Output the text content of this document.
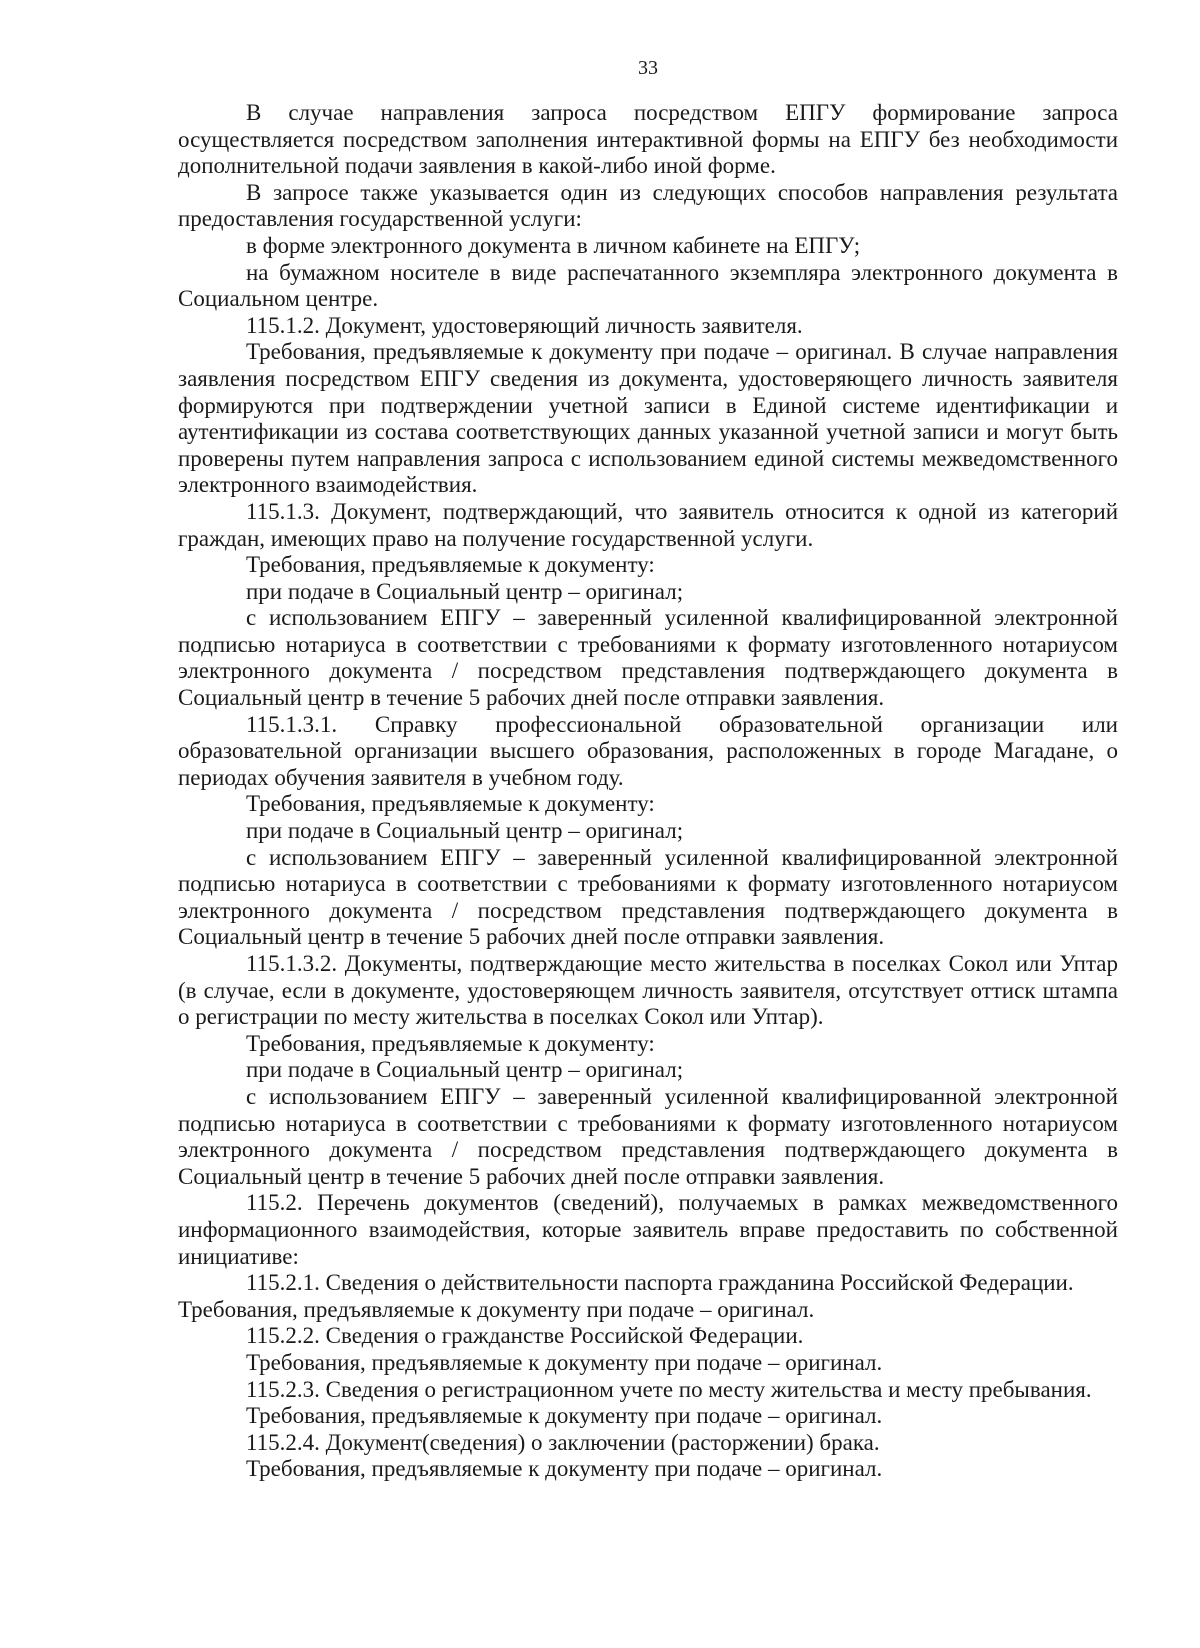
33

В случае направления запроса посредством ЕПГУ формирование запроса осуществляется посредством заполнения интерактивной формы на ЕПГУ без необходимости дополнительной подачи заявления в какой-либо иной форме.

В запросе также указывается один из следующих способов направления результата предоставления государственной услуги:

в форме электронного документа в личном кабинете на ЕПГУ;

на бумажном носителе в виде распечатанного экземпляра электронного документа в Социальном центре.

115.1.2. Документ, удостоверяющий личность заявителя.

Требования, предъявляемые к документу при подаче – оригинал. В случае направления заявления посредством ЕПГУ сведения из документа, удостоверяющего личность заявителя формируются при подтверждении учетной записи в Единой системе идентификации и аутентификации из состава соответствующих данных указанной учетной записи и могут быть проверены путем направления запроса с использованием единой системы межведомственного электронного взаимодействия.

115.1.3. Документ, подтверждающий, что заявитель относится к одной из категорий граждан, имеющих право на получение государственной услуги.

Требования, предъявляемые к документу:

при подаче в Социальный центр – оригинал;

с использованием ЕПГУ – заверенный усиленной квалифицированной электронной подписью нотариуса в соответствии с требованиями к формату изготовленного нотариусом электронного документа / посредством представления подтверждающего документа в Социальный центр в течение 5 рабочих дней после отправки заявления.

115.1.3.1. Справку профессиональной образовательной организации или образовательной организации высшего образования, расположенных в городе Магадане, о периодах обучения заявителя в учебном году.

Требования, предъявляемые к документу:

при подаче в Социальный центр – оригинал;

с использованием ЕПГУ – заверенный усиленной квалифицированной электронной подписью нотариуса в соответствии с требованиями к формату изготовленного нотариусом электронного документа / посредством представления подтверждающего документа в Социальный центр в течение 5 рабочих дней после отправки заявления.

115.1.3.2. Документы, подтверждающие место жительства в поселках Сокол или Уптар (в случае, если в документе, удостоверяющем личность заявителя, отсутствует оттиск штампа о регистрации по месту жительства в поселках Сокол или Уптар).

Требования, предъявляемые к документу:

при подаче в Социальный центр – оригинал;

с использованием ЕПГУ – заверенный усиленной квалифицированной электронной подписью нотариуса в соответствии с требованиями к формату изготовленного нотариусом электронного документа / посредством представления подтверждающего документа в Социальный центр в течение 5 рабочих дней после отправки заявления.

115.2. Перечень документов (сведений), получаемых в рамках межведомственного информационного взаимодействия, которые заявитель вправе предоставить по собственной инициативе:

115.2.1. Сведения о действительности паспорта гражданина Российской Федерации.

Требования, предъявляемые к документу при подаче – оригинал.

115.2.2. Сведения о гражданстве Российской Федерации.

Требования, предъявляемые к документу при подаче – оригинал.

115.2.3. Сведения о регистрационном учете по месту жительства и месту пребывания.

Требования, предъявляемые к документу при подаче – оригинал.

115.2.4. Документ(сведения) о заключении (расторжении) брака.

Требования, предъявляемые к документу при подаче – оригинал.
